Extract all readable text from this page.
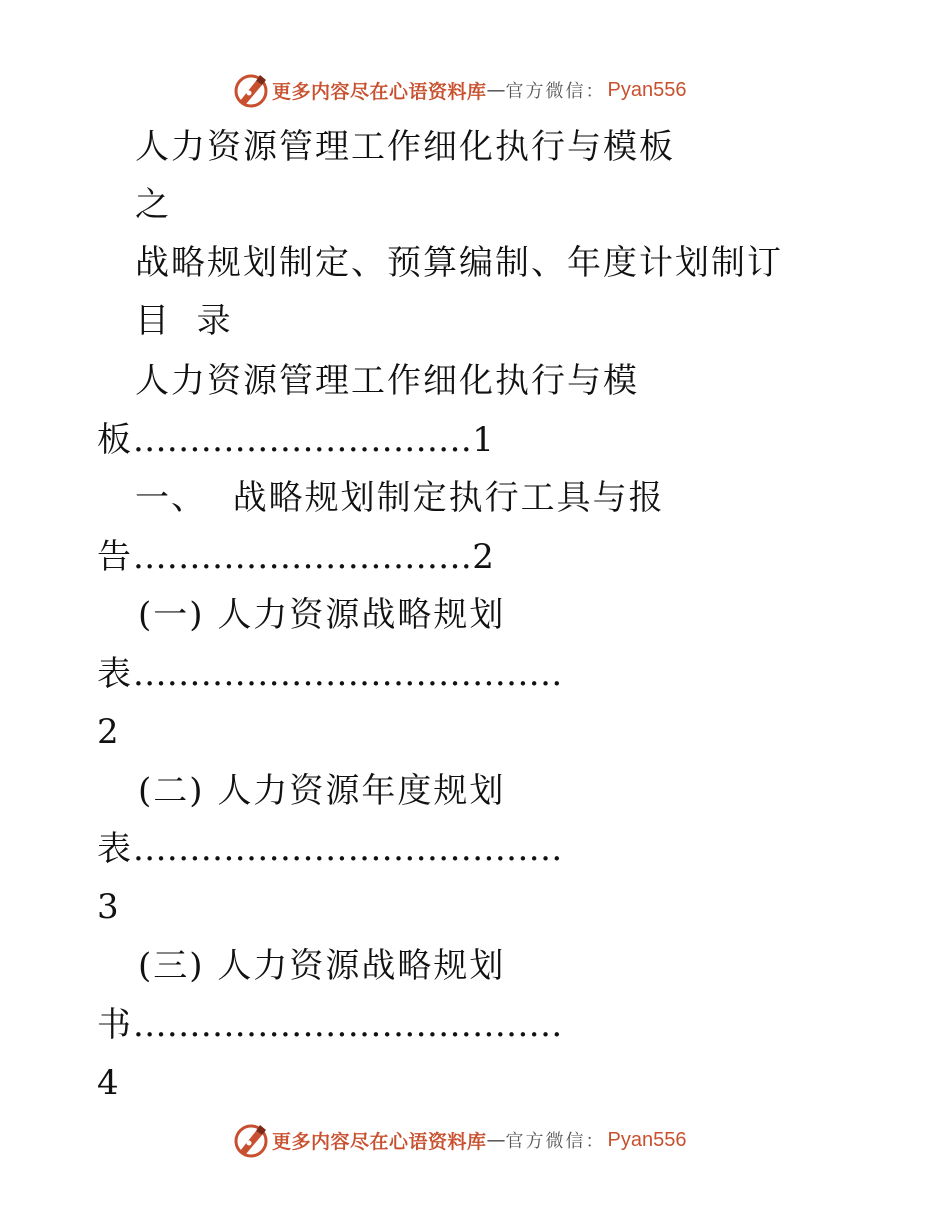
更多内容尽在心语资料库 — 官方微信： Pyan556
人力资源管理工作细化执行与模板
之
战略规划制定、预算编制、年度计划制订
目  录
人力资源管理工作细化执行与模
板..............................1
一、  战略规划制定执行工具与报
告..............................2
(一) 人力资源战略规划
表......................................
2
(二) 人力资源年度规划
表......................................
3
(三) 人力资源战略规划
书......................................
4
更多内容尽在心语资料库 — 官方微信： Pyan556
